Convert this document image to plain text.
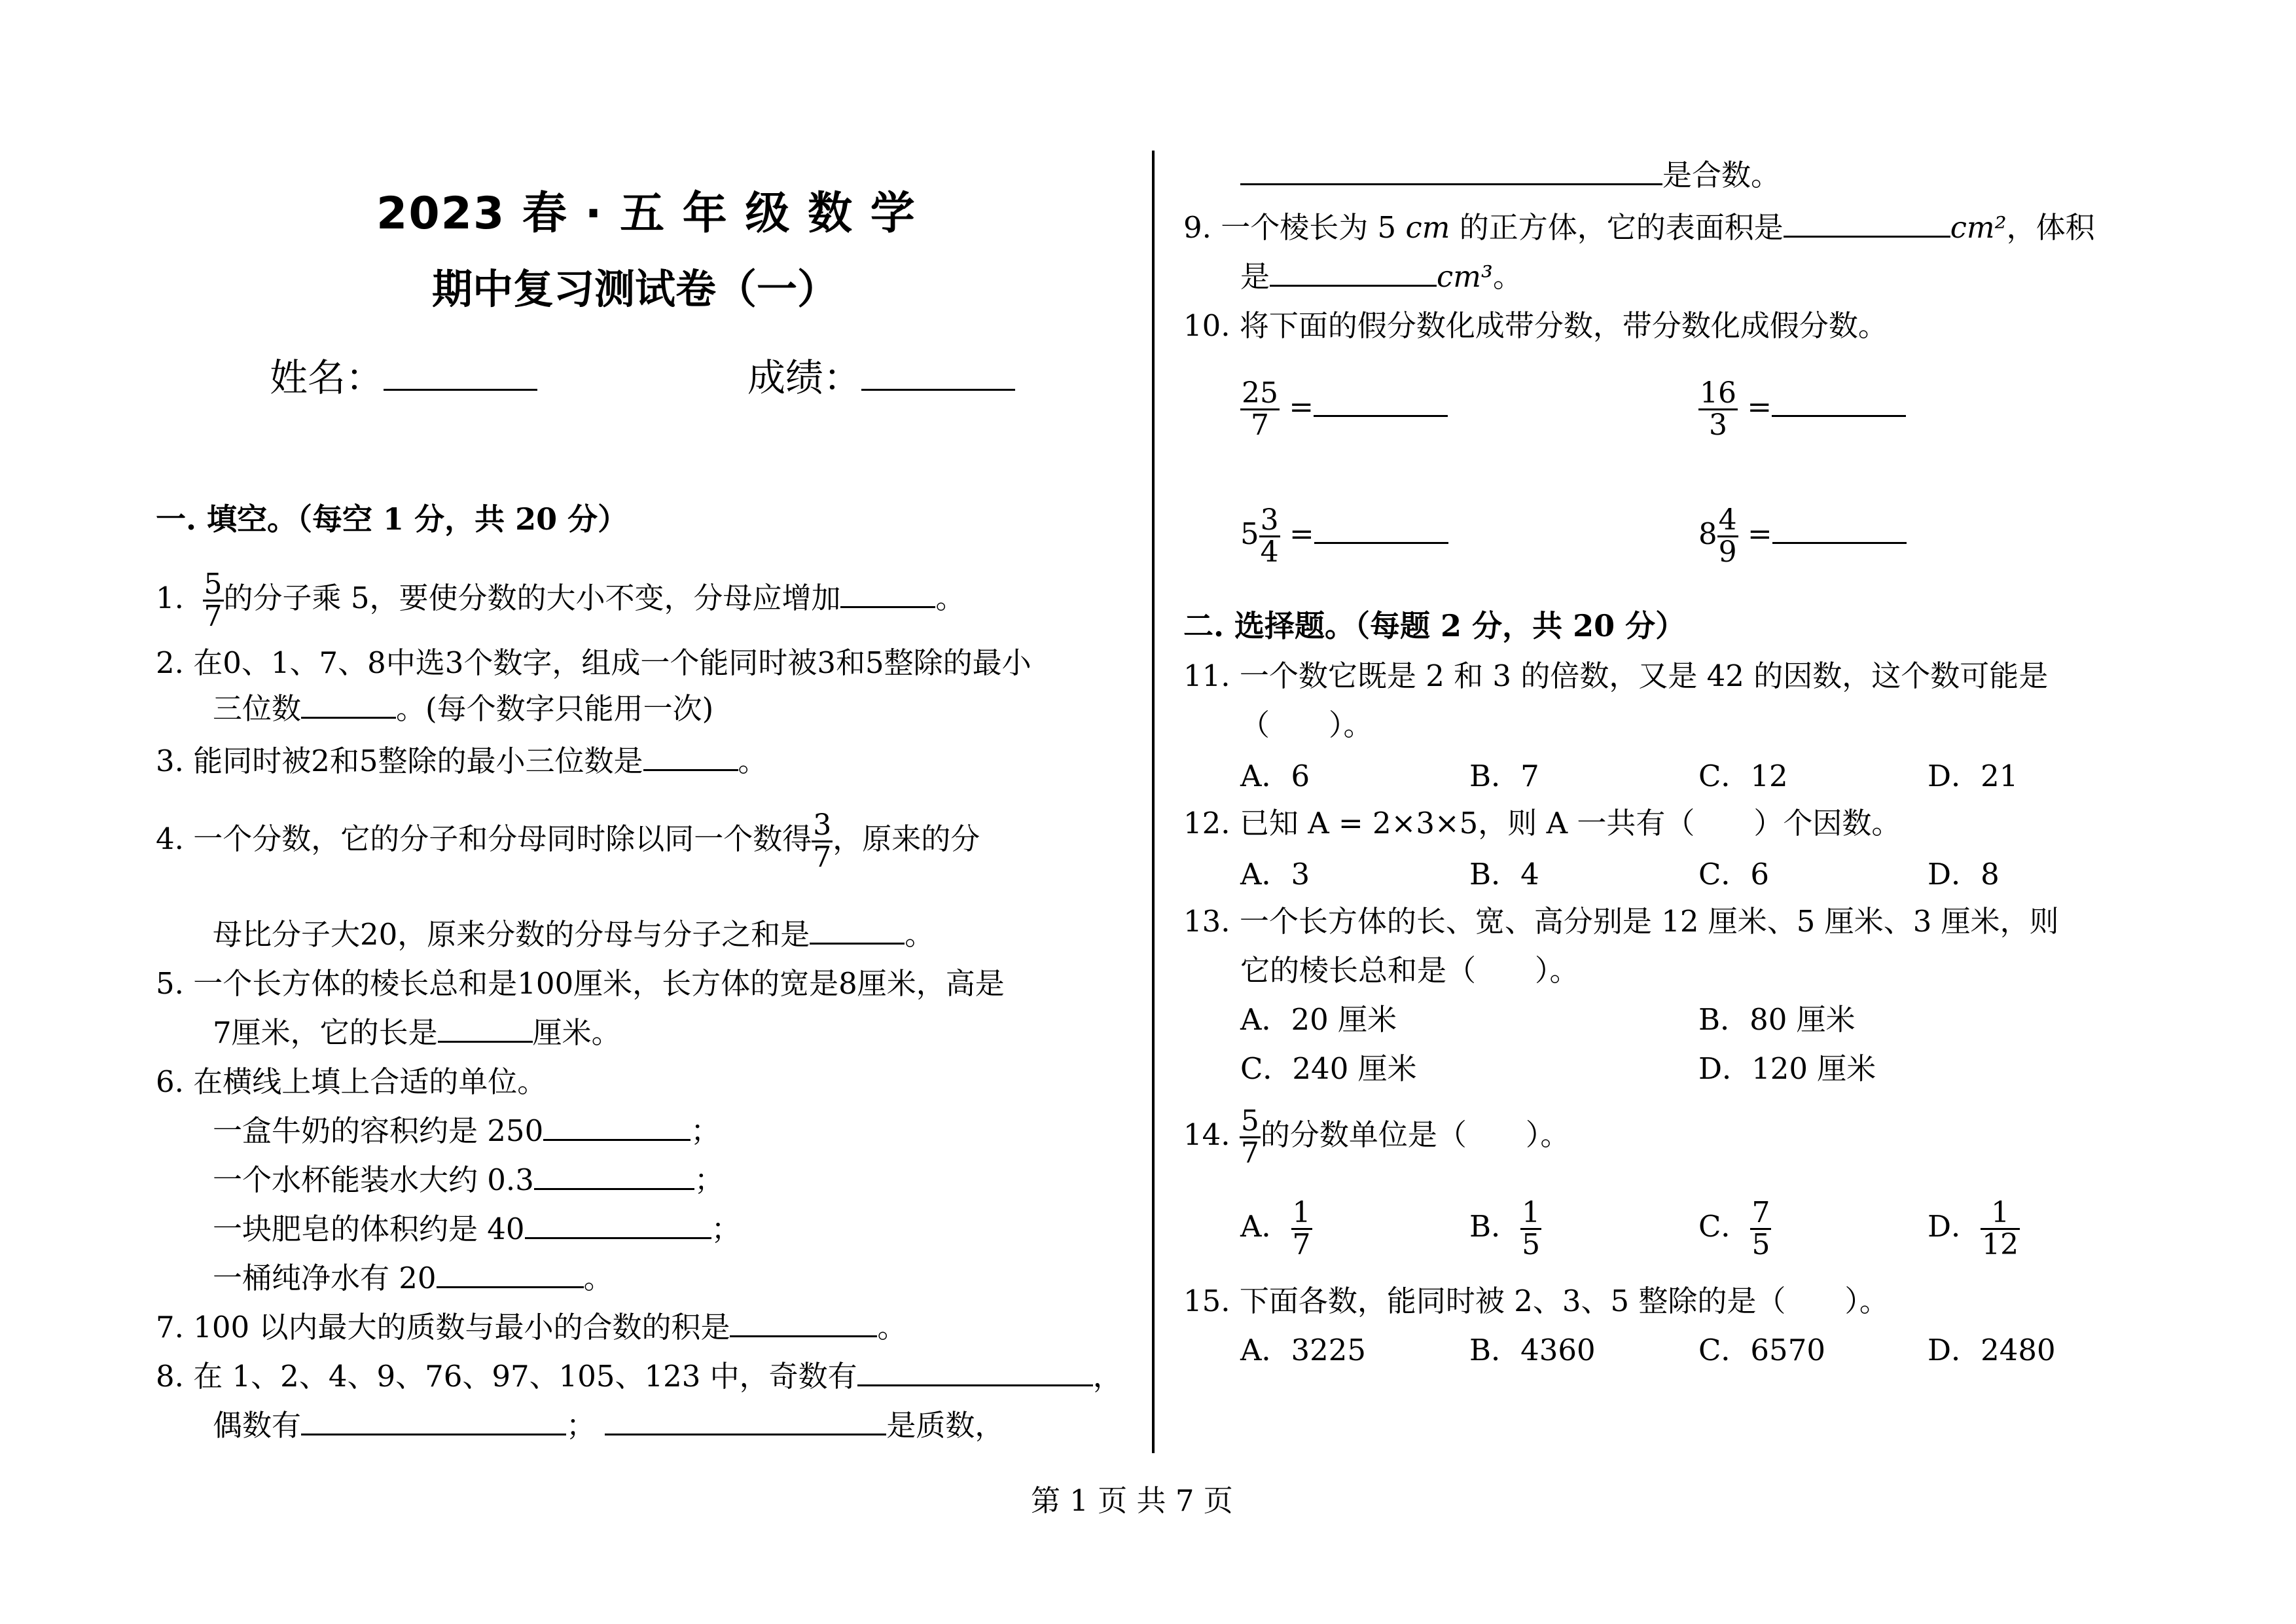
2023 春 · 五 年 级 数 学
期中复习测试卷（一）
姓名：	成绩：
一. 填空。（每空 1 分，共 20 分）
1. $\frac{5}{7}$ 的分子乘 5，要使分数的大小不变，分母应增加	。
2. 在0、1、7、8中选3个数字，组成一个能同时被3和5整除的最小
三位数	。(每个数字只能用一次)
3. 能同时被2和5整除的最小三位数是	。
4. 一个分数，它的分子和分母同时除以同一个数得 $\frac{3}{7}$ ，原来的分
母比分子大20，原来分数的分母与分子之和是	。
5. 一个长方体的棱长总和是100厘米，长方体的宽是8厘米，高是
7厘米，它的长是	厘米。
6. 在横线上填上合适的单位。
一盒牛奶的容积约是 250	；
一个水杯能装水大约 0.3	；
一块肥皂的体积约是 40	；
一桶纯净水有 20	。
7. 100 以内最大的质数与最小的合数的积是	。
8. 在 1、2、4、9、76、97、105、123 中，奇数有	，
偶数有	；	是质数，
是合数。
9. 一个棱长为 5 cm 的正方体，它的表面积是	cm²，体积
是	cm³。
10. 将下面的假分数化成带分数，带分数化成假分数。
$\frac{25}{7}$ =	$\frac{16}{3}$ =
$5 \frac{3}{4}$ =	$8 \frac{4}{9}$ =
二. 选择题。（每题 2 分，共 20 分）
11. 一个数它既是 2 和 3 的倍数，又是 42 的因数，这个数可能是
（　　）。
A．6	B．7	C．12	D．21
12. 已知 A = 2×3×5，则 A 一共有（　　）个因数。
A．3	B．4	C．6	D．8
13. 一个长方体的长、宽、高分别是 12 厘米、5 厘米、3 厘米，则
它的棱长总和是（　　）。
A．20 厘米	B．80 厘米
C．240 厘米	D．120 厘米
14. $\frac{5}{7}$ 的分数单位是（　　）。
A． $\frac{1}{7}$	B． $\frac{1}{5}$	C． $\frac{7}{5}$	D． $\frac{1}{12}$
15. 下面各数，能同时被 2、3、5 整除的是（　　）。
A．3225	B．4360	C．6570	D．2480
第 1 页 共 7 页
